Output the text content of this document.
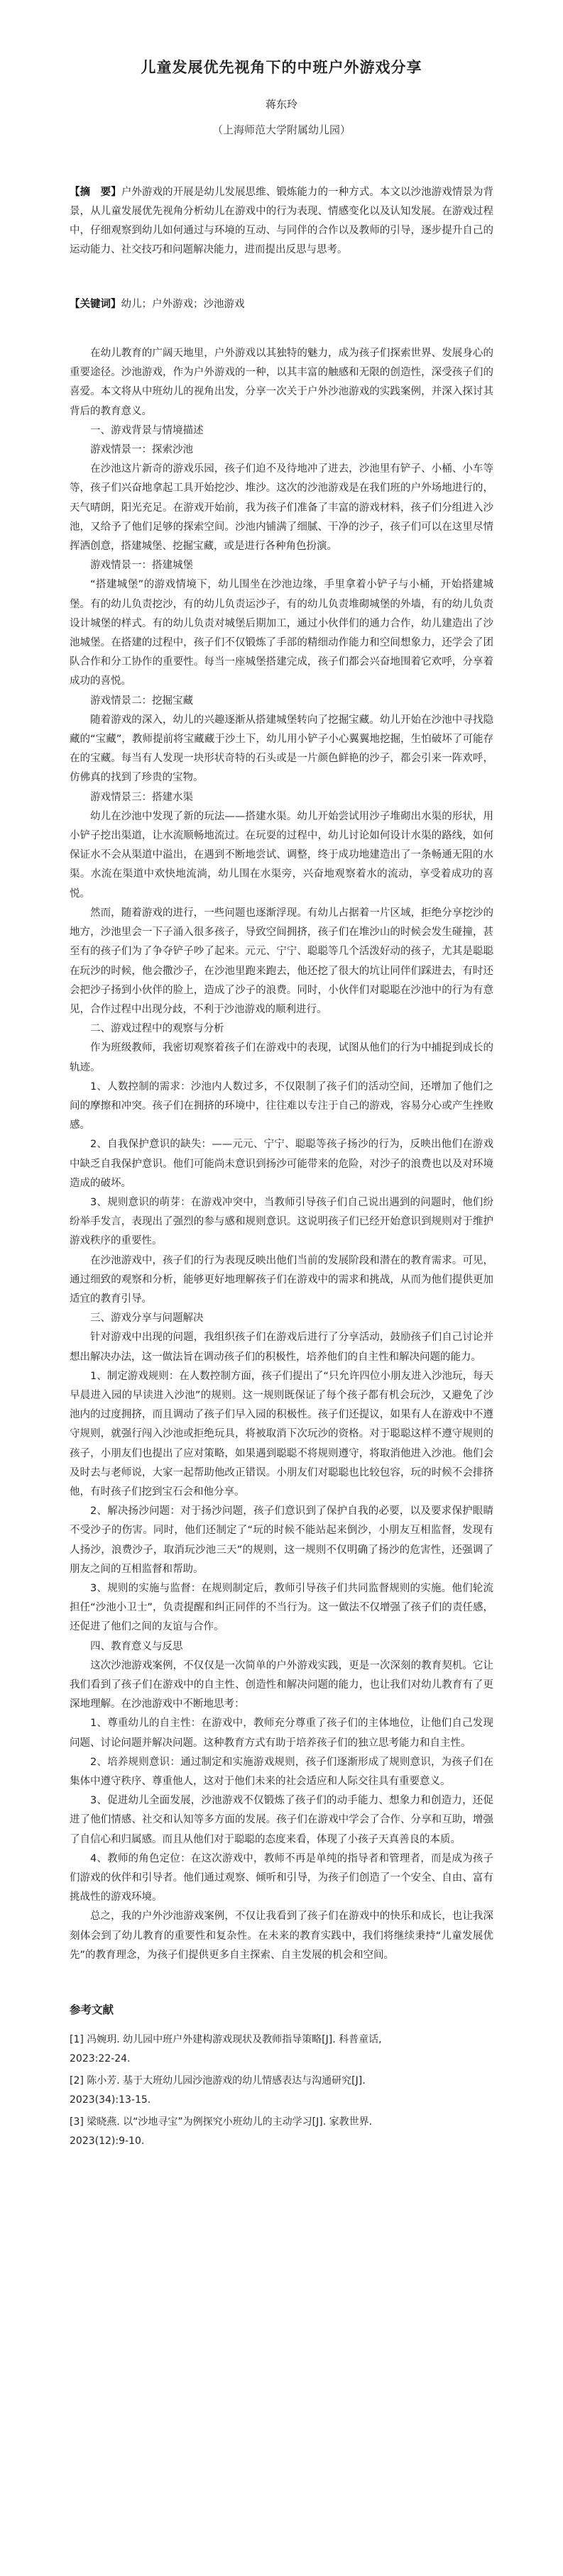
儿童发展优先视角下的中班户外游戏分享
蒋东玲
（上海师范大学附属幼儿园）
【摘　要】户外游戏的开展是幼儿发展思维、锻炼能力的一种方式。本文以沙池游戏情景为背景，从儿童发展优先视角分析幼儿在游戏中的行为表现、情感变化以及认知发展。在游戏过程中，仔细观察到幼儿如何通过与环境的互动、与同伴的合作以及教师的引导，逐步提升自己的运动能力、社交技巧和问题解决能力，进而提出反思与思考。
【关键词】幼儿；户外游戏；沙池游戏

在幼儿教育的广阔天地里，户外游戏以其独特的魅力，成为孩子们探索世界、发展身心的重要途径。沙池游戏，作为户外游戏的一种，以其丰富的触感和无限的创造性，深受孩子们的喜爱。本文将从中班幼儿的视角出发，分享一次关于户外沙池游戏的实践案例，并深入探讨其背后的教育意义。

一、游戏背景与情境描述

游戏情景一：探索沙池

在沙池这片新奇的游戏乐园，孩子们迫不及待地冲了进去，沙池里有铲子、小桶、小车等等，孩子们兴奋地拿起工具开始挖沙、堆沙。这次的沙池游戏是在我们班的户外场地进行的，天气晴朗，阳光充足。在游戏开始前，我为孩子们准备了丰富的游戏材料，孩子们分组进入沙池，又给予了他们足够的探索空间。沙池内铺满了细腻、干净的沙子，孩子们可以在这里尽情挥洒创意，搭建城堡、挖掘宝藏，或是进行各种角色扮演。

游戏情景一：搭建城堡

“搭建城堡”的游戏情境下，幼儿围坐在沙池边缘，手里拿着小铲子与小桶，开始搭建城堡。有的幼儿负责挖沙，有的幼儿负责运沙子，有的幼儿负责堆砌城堡的外墙，有的幼儿负责设计城堡的样式。有的幼儿负责对城堡后期加工，通过小伙伴们的通力合作，幼儿建造出了沙池城堡。在搭建的过程中，孩子们不仅锻炼了手部的精细动作能力和空间想象力，还学会了团队合作和分工协作的重要性。每当一座城堡搭建完成，孩子们都会兴奋地围着它欢呼，分享着成功的喜悦。

游戏情景二：挖掘宝藏

随着游戏的深入，幼儿的兴趣逐渐从搭建城堡转向了挖掘宝藏。幼儿开始在沙池中寻找隐藏的“宝藏”，教师提前将宝藏藏于沙土下，幼儿用小铲子小心翼翼地挖掘，生怕破坏了可能存在的宝藏。每当有人发现一块形状奇特的石头或是一片颜色鲜艳的沙子，都会引来一阵欢呼，仿佛真的找到了珍贵的宝物。

游戏情景三：搭建水渠

幼儿在沙池中发现了新的玩法——搭建水渠。幼儿开始尝试用沙子堆砌出水渠的形状，用小铲子挖出渠道，让水流顺畅地流过。在玩耍的过程中，幼儿讨论如何设计水渠的路线，如何保证水不会从渠道中溢出，在遇到不断地尝试、调整，终于成功地建造出了一条畅通无阻的水渠。水流在渠道中欢快地流淌，幼儿围在水渠旁，兴奋地观察着水的流动，享受着成功的喜悦。

然而，随着游戏的进行，一些问题也逐渐浮现。有幼儿占据着一片区域，拒绝分享挖沙的地方，沙池里会一下子涌入很多孩子，导致空间拥挤，孩子们在堆沙山的时候会发生碰撞，甚至有的孩子们为了争夺铲子吵了起来。元元、宁宁、聪聪等几个活泼好动的孩子，尤其是聪聪在玩沙的时候，他会撒沙子，在沙池里跑来跑去，他还挖了很大的坑让同伴们踩进去，有时还会把沙子扬到小伙伴的脸上，造成了沙子的浪费。同时，小伙伴们对聪聪在沙池中的行为有意见，合作过程中出现分歧，不利于沙池游戏的顺利进行。

二、游戏过程中的观察与分析

作为班级教师，我密切观察着孩子们在游戏中的表现，试图从他们的行为中捕捉到成长的轨迹。

1、人数控制的需求：沙池内人数过多，不仅限制了孩子们的活动空间，还增加了他们之间的摩擦和冲突。孩子们在拥挤的环境中，往往难以专注于自己的游戏，容易分心或产生挫败感。

2、自我保护意识的缺失：——元元、宁宁、聪聪等孩子扬沙的行为，反映出他们在游戏中缺乏自我保护意识。他们可能尚未意识到扬沙可能带来的危险，对沙子的浪费也以及对环境造成的破坏。

3、规则意识的萌芽：在游戏冲突中，当教师引导孩子们自己说出遇到的问题时，他们纷纷举手发言，表现出了强烈的参与感和规则意识。这说明孩子们已经开始意识到规则对于维护游戏秩序的重要性。

在沙池游戏中，孩子们的行为表现反映出他们当前的发展阶段和潜在的教育需求。可见，通过细致的观察和分析，能够更好地理解孩子们在游戏中的需求和挑战，从而为他们提供更加适宜的教育引导。

三、游戏分享与问题解决

针对游戏中出现的问题，我组织孩子们在游戏后进行了分享活动，鼓励孩子们自己讨论并想出解决办法，这一做法旨在调动孩子们的积极性，培养他们的自主性和解决问题的能力。

1、制定游戏规则：在人数控制方面，孩子们提出了“只允许四位小朋友进入沙池玩，每天早晨进入园的早读进入沙池”的规则。这一规则既保证了每个孩子都有机会玩沙，又避免了沙池内的过度拥挤，而且调动了孩子们早入园的积极性。孩子们还提议，如果有人在游戏中不遵守规则，就强行闯入沙池或拒绝玩具，将被取消下次玩沙的资格。对于聪聪这样不遵守规则的孩子，小朋友们也提出了应对策略，如果遇到聪聪不将规则遵守，将取消他进入沙池。他们会及时去与老师说，大家一起帮助他改正错误。小朋友们对聪聪也比较包容，玩的时候不会排挤他，有时孩子们挖到宝石会和他分享。

2、解决扬沙问题：对于扬沙问题，孩子们意识到了保护自我的必要，以及要求保护眼睛不受沙子的伤害。同时，他们还制定了“玩的时候不能站起来倒沙，小朋友互相监督，发现有人扬沙，浪费沙子，取消玩沙池三天”的规则，这一规则不仅明确了扬沙的危害性，还强调了朋友之间的互相监督和帮助。

3、规则的实施与监督：在规则制定后，教师引导孩子们共同监督规则的实施。他们轮流担任“沙池小卫士”，负责提醒和纠正同伴的不当行为。这一做法不仅增强了孩子们的责任感，还促进了他们之间的友谊与合作。

四、教育意义与反思

这次沙池游戏案例，不仅仅是一次简单的户外游戏实践，更是一次深刻的教育契机。它让我们看到了孩子们在游戏中的自主性、创造性和解决问题的能力，也让我们对幼儿教育有了更深地理解。在沙池游戏中不断地思考：

1、尊重幼儿的自主性：在游戏中，教师充分尊重了孩子们的主体地位，让他们自己发现问题、讨论问题并解决问题。这种教育方式有助于培养孩子们的独立思考能力和自主性。

2、培养规则意识：通过制定和实施游戏规则，孩子们逐渐形成了规则意识，为孩子们在集体中遵守秩序、尊重他人，这对于他们未来的社会适应和人际交往具有重要意义。

3、促进幼儿全面发展，沙池游戏不仅锻炼了孩子们的动手能力、想象力和创造力，还促进了他们情感、社交和认知等多方面的发展。孩子们在游戏中学会了合作、分享和互助，增强了自信心和归属感。而且从他们对于聪聪的态度来看，体现了小孩子天真善良的本质。

4、教师的角色定位：在这次游戏中，教师不再是单纯的指导者和管理者，而是成为孩子们游戏的伙伴和引导者。他们通过观察、倾听和引导，为孩子们创造了一个安全、自由、富有挑战性的游戏环境。

总之，我的户外沙池游戏案例，不仅让我看到了孩子们在游戏中的快乐和成长，也让我深刻体会到了幼儿教育的重要性和复杂性。在未来的教育实践中，我们将继续秉持“儿童发展优先”的教育理念，为孩子们提供更多自主探索、自主发展的机会和空间。

参考文献
[1] 冯婉玥. 幼儿园中班户外建构游戏现状及教师指导策略[J]. 科普童话,
2023:22-24.
[2] 陈小芳. 基于大班幼儿园沙池游戏的幼儿情感表达与沟通研究[J].
2023(34):13-15.
[3] 梁晓燕. 以“沙地寻宝”为例探究小班幼儿的主动学习[J]. 家教世界.
2023(12):9-10.
